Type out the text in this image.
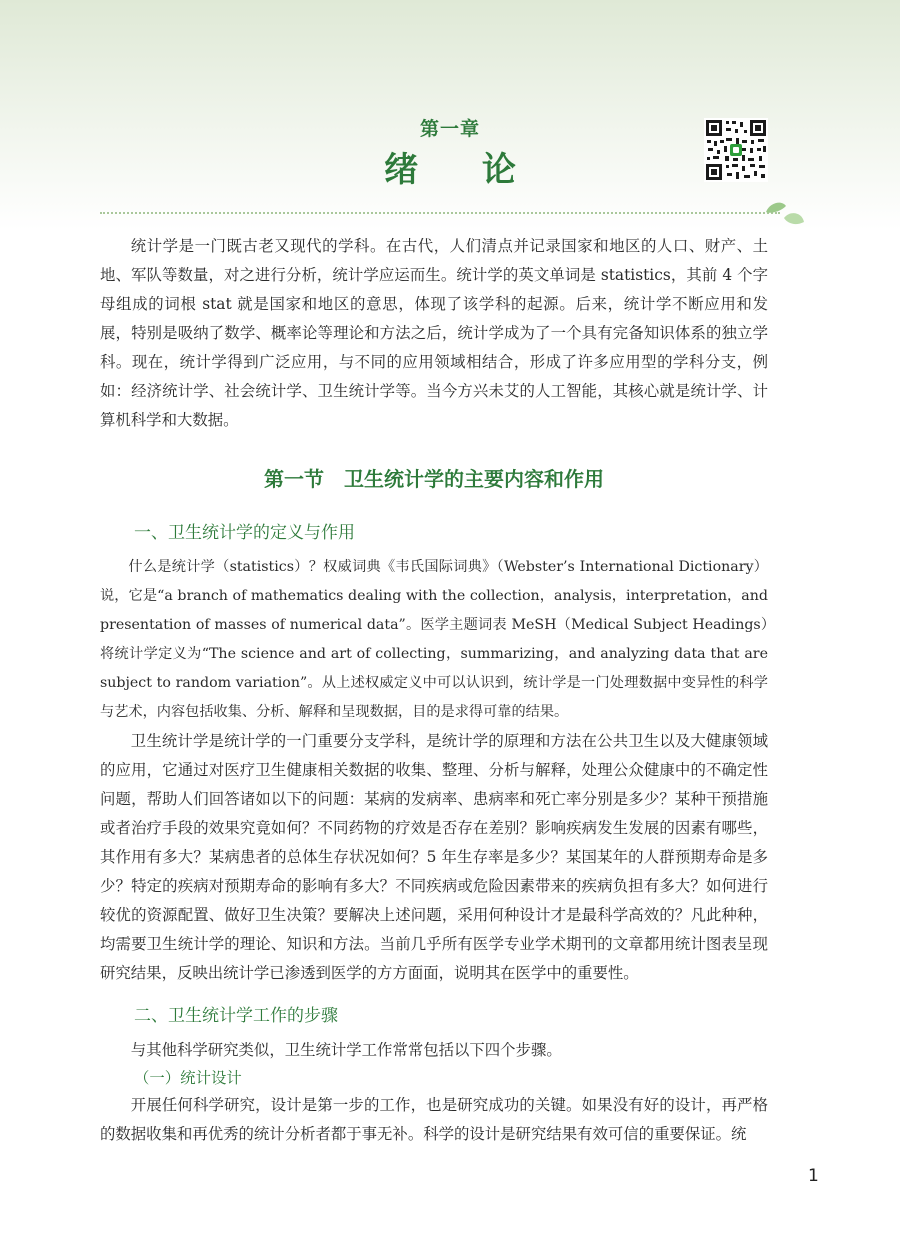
第一章
绪 论

统计学是一门既古老又现代的学科。在古代，人们清点并记录国家和地区的人口、财产、土地、军队等数量，对之进行分析，统计学应运而生。统计学的英文单词是 statistics，其前 4 个字母组成的词根 stat 就是国家和地区的意思，体现了该学科的起源。后来，统计学不断应用和发展，特别是吸纳了数学、概率论等理论和方法之后，统计学成为了一个具有完备知识体系的独立学科。现在，统计学得到广泛应用，与不同的应用领域相结合，形成了许多应用型的学科分支，例如：经济统计学、社会统计学、卫生统计学等。当今方兴未艾的人工智能，其核心就是统计学、计算机科学和大数据。

第一节　卫生统计学的主要内容和作用
一、卫生统计学的定义与作用

什么是统计学（statistics）？权威词典《韦氏国际词典》（Webster’s International Dictionary）说，它是“a branch of mathematics dealing with the collection，analysis，interpretation，and presentation of masses of numerical data”。医学主题词表 MeSH（Medical Subject Headings）将统计学定义为“The science and art of collecting，summarizing，and analyzing data that are subject to random variation”。从上述权威定义中可以认识到，统计学是一门处理数据中变异性的科学与艺术，内容包括收集、分析、解释和呈现数据，目的是求得可靠的结果。

卫生统计学是统计学的一门重要分支学科，是统计学的原理和方法在公共卫生以及大健康领域的应用，它通过对医疗卫生健康相关数据的收集、整理、分析与解释，处理公众健康中的不确定性问题，帮助人们回答诸如以下的问题：某病的发病率、患病率和死亡率分别是多少？某种干预措施或者治疗手段的效果究竟如何？不同药物的疗效是否存在差别？影响疾病发生发展的因素有哪些，其作用有多大？某病患者的总体生存状况如何？5 年生存率是多少？某国某年的人群预期寿命是多少？特定的疾病对预期寿命的影响有多大？不同疾病或危险因素带来的疾病负担有多大？如何进行较优的资源配置、做好卫生决策？要解决上述问题，采用何种设计才是最科学高效的？凡此种种，均需要卫生统计学的理论、知识和方法。当前几乎所有医学专业学术期刊的文章都用统计图表呈现研究结果，反映出统计学已渗透到医学的方方面面，说明其在医学中的重要性。

二、卫生统计学工作的步骤

与其他科学研究类似，卫生统计学工作常常包括以下四个步骤。

（一）统计设计

开展任何科学研究，设计是第一步的工作，也是研究成功的关键。如果没有好的设计，再严格的数据收集和再优秀的统计分析者都于事无补。科学的设计是研究结果有效可信的重要保证。统

1
